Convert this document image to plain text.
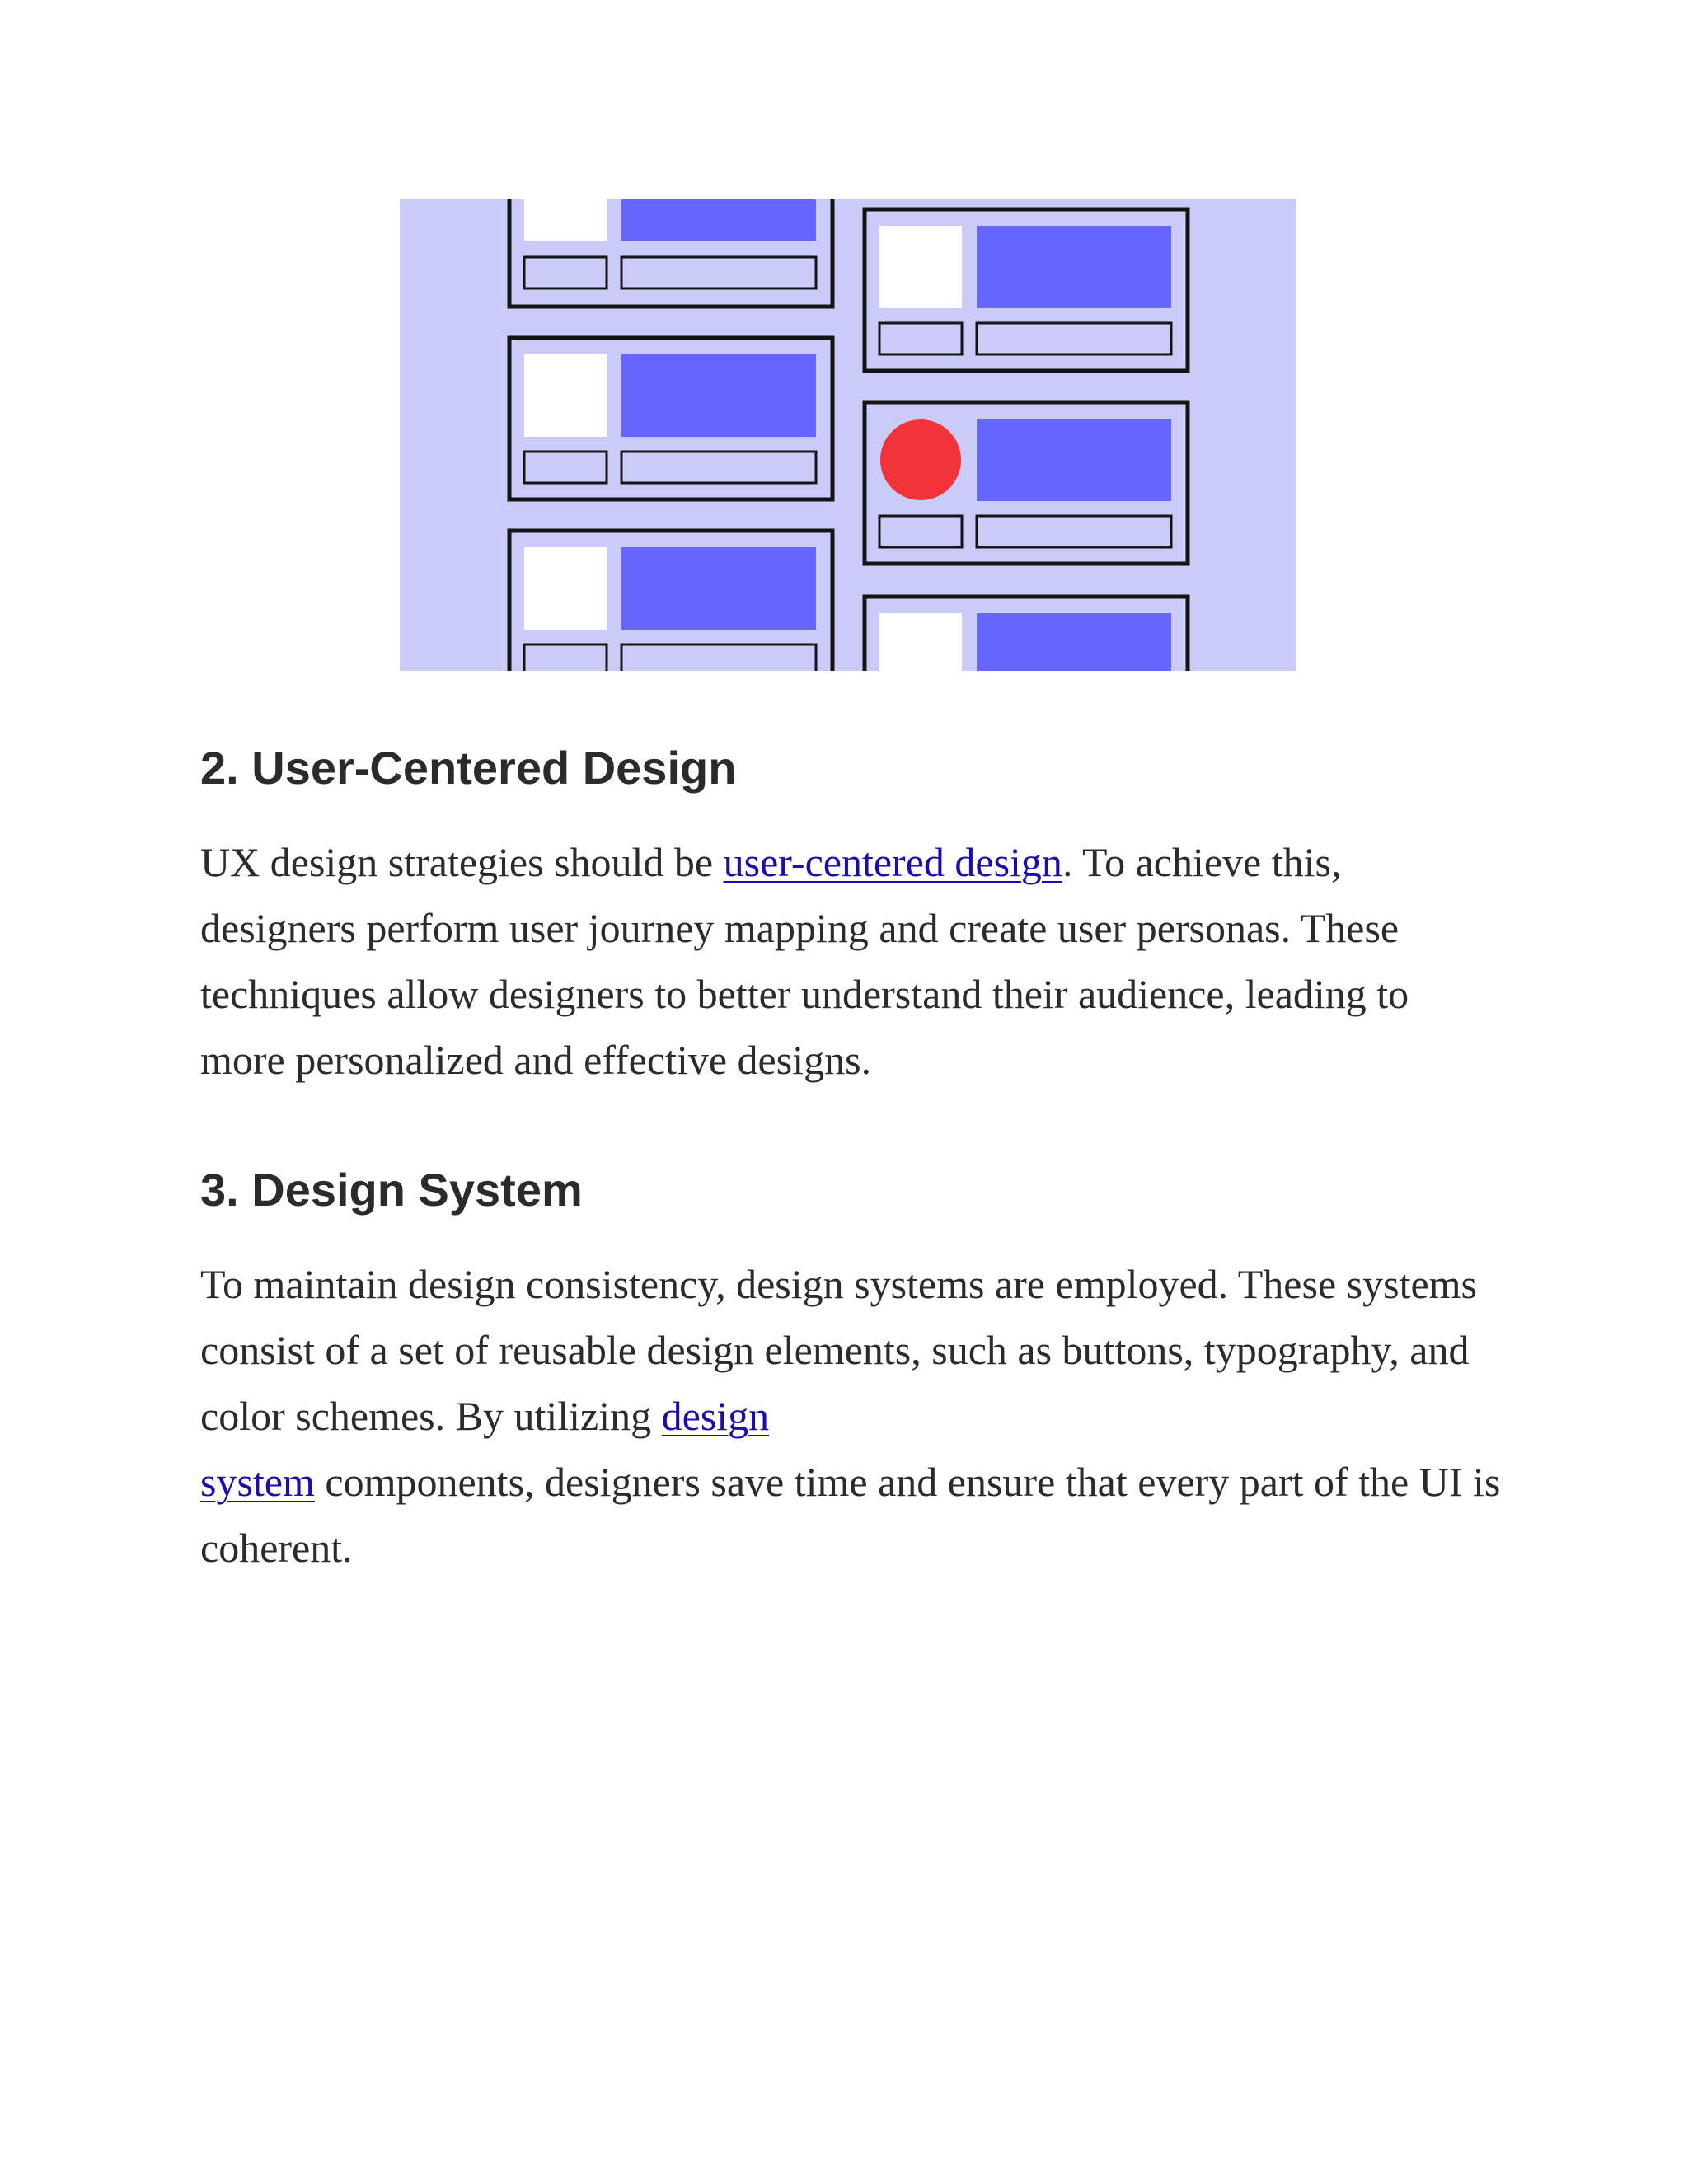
2. User-Centered Design

UX design strategies should be user-centered design. To achieve this, designers perform user journey mapping and create user personas. These techniques allow designers to better understand their audience, leading to more personalized and effective designs.

3. Design System

To maintain design consistency, design systems are employed. These systems consist of a set of reusable design elements, such as buttons, typography, and color schemes. By utilizing design
system components, designers save time and ensure that every part of the UI is coherent.
